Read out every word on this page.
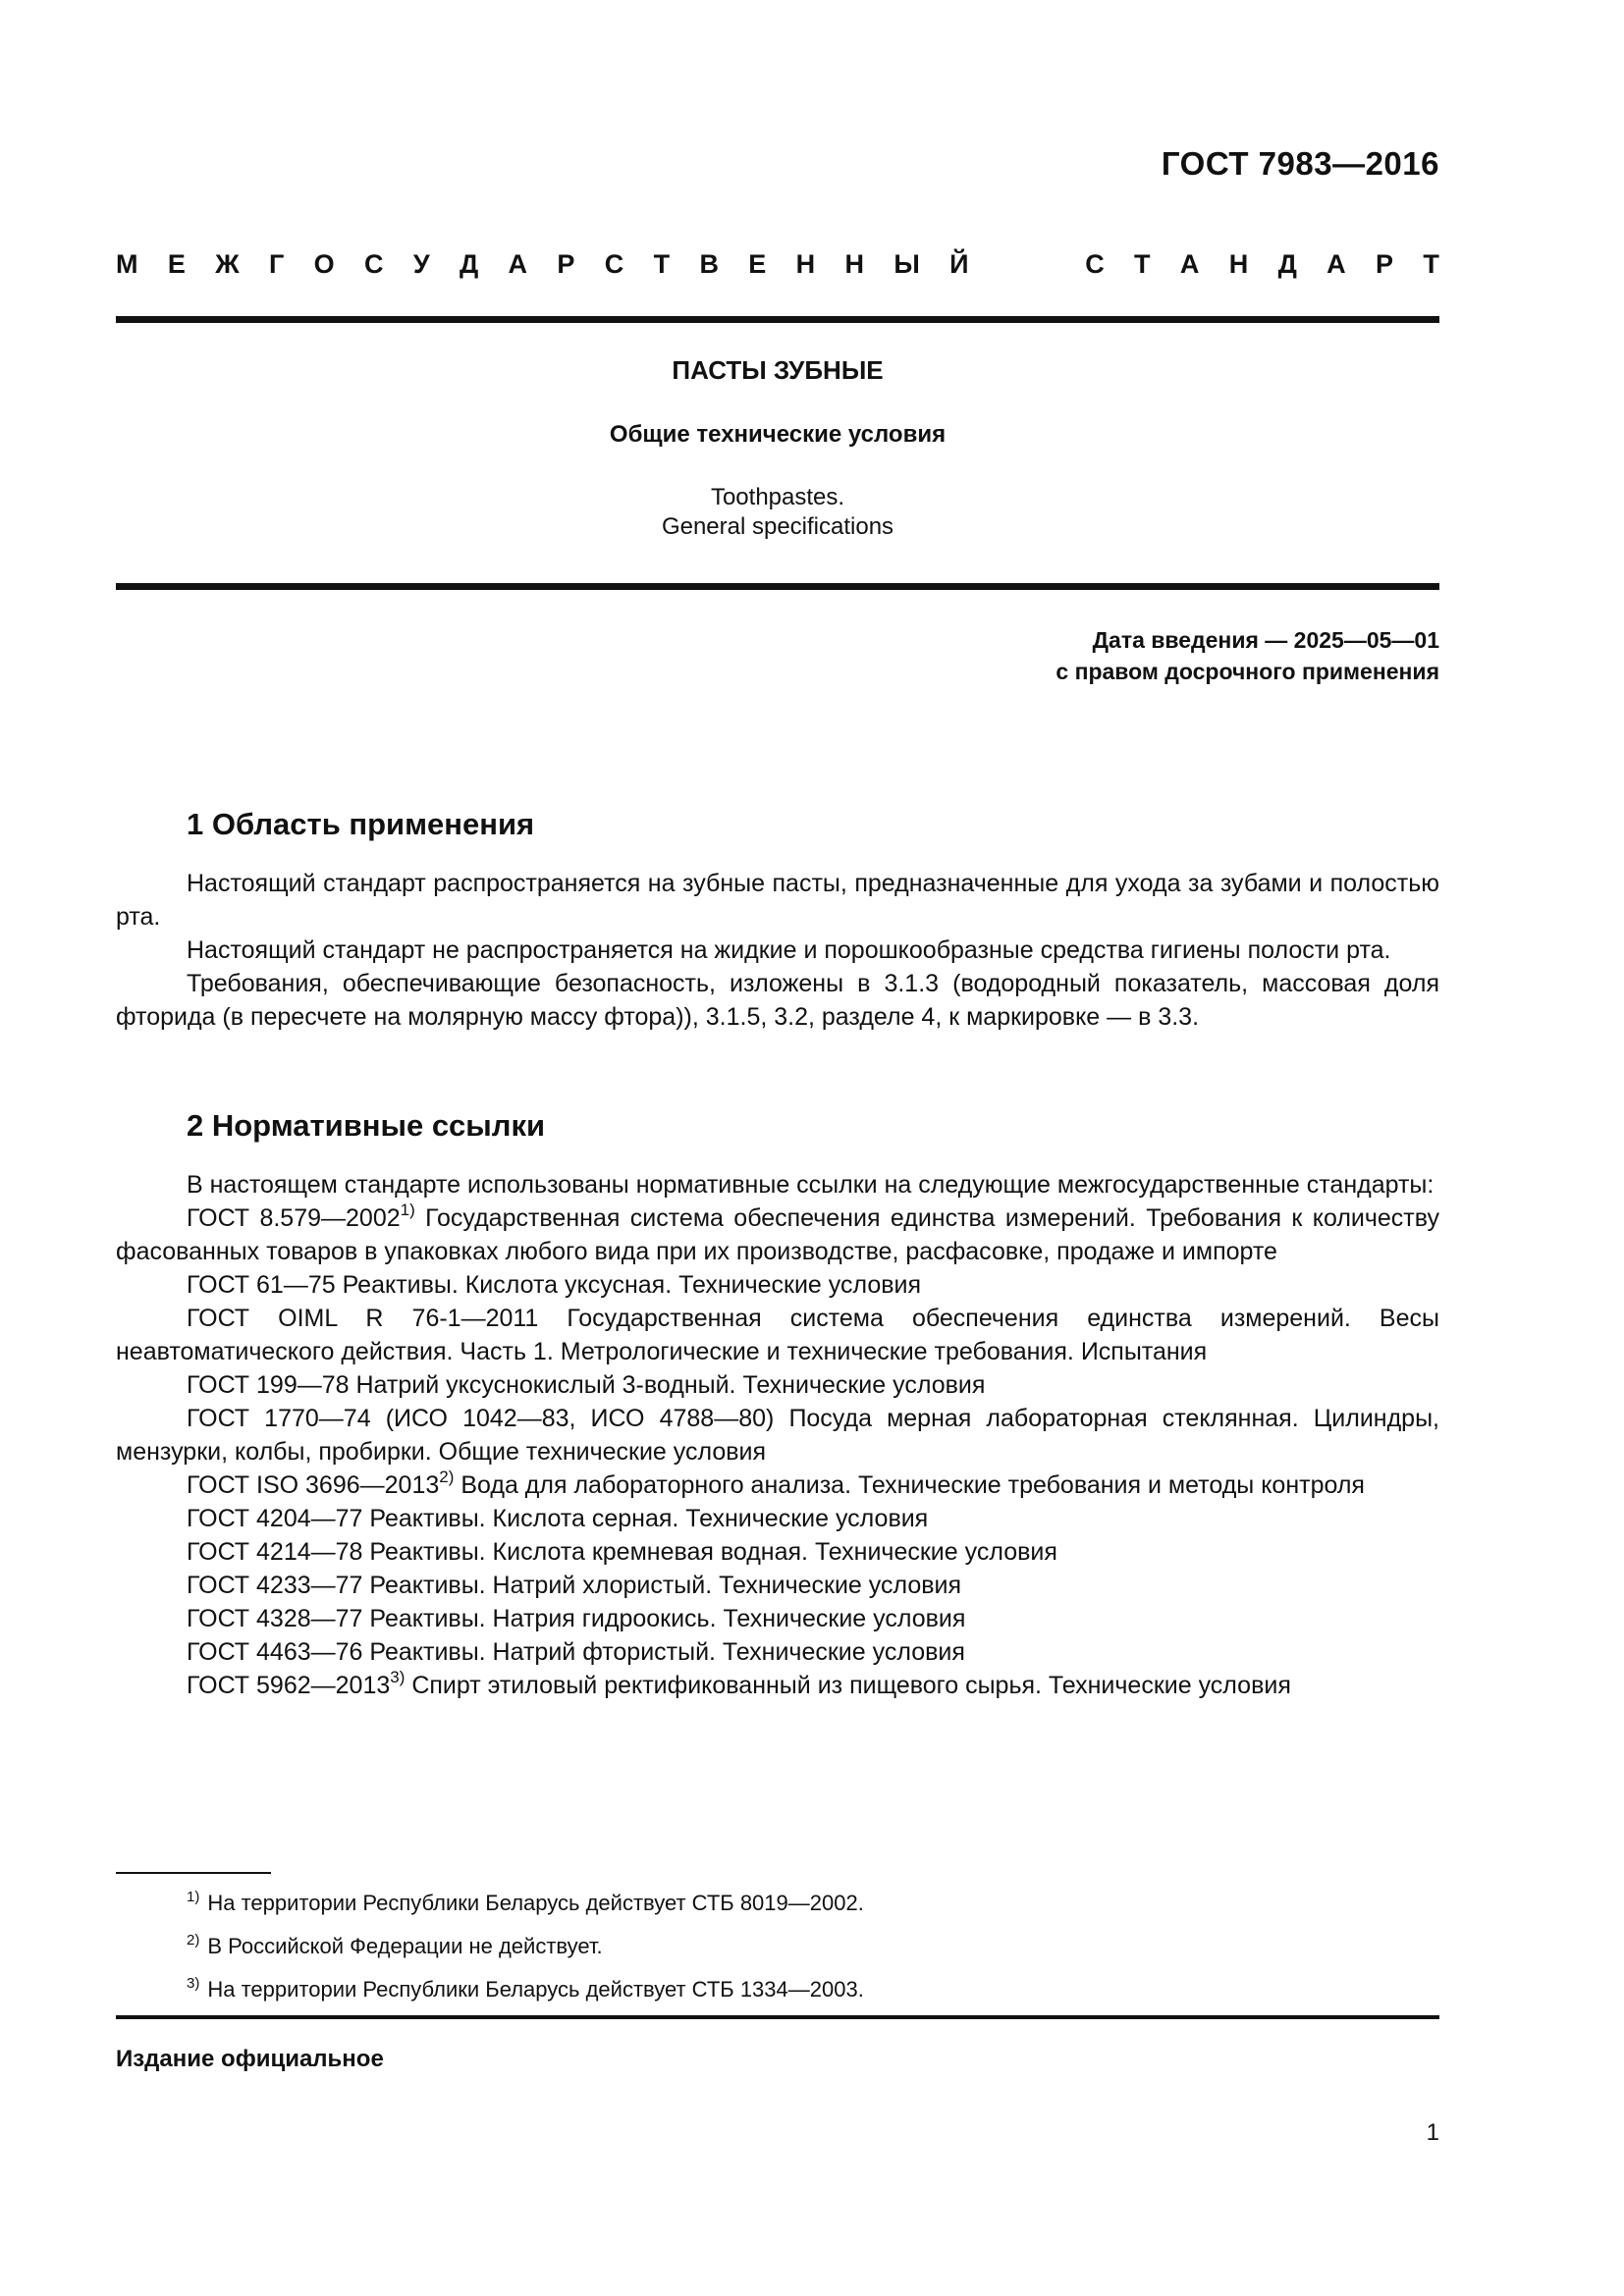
ГОСТ 7983—2016
М Е Ж Г О С У Д А Р С Т В Е Н Н Ы Й	С Т А Н Д А Р Т
ПАСТЫ ЗУБНЫЕ
Общие технические условия
Toothpastes.
General specifications
Дата введения — 2025—05—01
с правом досрочного применения
1 Область применения

Настоящий стандарт распространяется на зубные пасты, предназначенные для ухода за зубами и полостью рта.

Настоящий стандарт не распространяется на жидкие и порошкообразные средства гигиены полости рта.

Требования, обеспечивающие безопасность, изложены в 3.1.3 (водородный показатель, массовая доля фторида (в пересчете на молярную массу фтора)), 3.1.5, 3.2, разделе 4, к маркировке — в 3.3.

2 Нормативные ссылки

В настоящем стандарте использованы нормативные ссылки на следующие межгосударственные стандарты:

ГОСТ 8.579—2002$^{1)}$ Государственная система обеспечения единства измерений. Требования к количеству фасованных товаров в упаковках любого вида при их производстве, расфасовке, продаже и импорте

ГОСТ 61—75 Реактивы. Кислота уксусная. Технические условия

ГОСТ OIML R 76-1—2011 Государственная система обеспечения единства измерений. Весы неавтоматического действия. Часть 1. Метрологические и технические требования. Испытания

ГОСТ 199—78 Натрий уксуснокислый 3-водный. Технические условия

ГОСТ 1770—74 (ИСО 1042—83, ИСО 4788—80) Посуда мерная лабораторная стеклянная. Цилиндры, мензурки, колбы, пробирки. Общие технические условия

ГОСТ ISO 3696—2013$^{2)}$ Вода для лабораторного анализа. Технические требования и методы контроля

ГОСТ 4204—77 Реактивы. Кислота серная. Технические условия

ГОСТ 4214—78 Реактивы. Кислота кремневая водная. Технические условия

ГОСТ 4233—77 Реактивы. Натрий хлористый. Технические условия

ГОСТ 4328—77 Реактивы. Натрия гидроокись. Технические условия

ГОСТ 4463—76 Реактивы. Натрий фтористый. Технические условия

ГОСТ 5962—2013$^{3)}$ Спирт этиловый ректификованный из пищевого сырья. Технические условия

$^{1)}$ На территории Республики Беларусь действует СТБ 8019—2002.
$^{2)}$ В Российской Федерации не действует.
$^{3)}$ На территории Республики Беларусь действует СТБ 1334—2003.
Издание официальное
1
